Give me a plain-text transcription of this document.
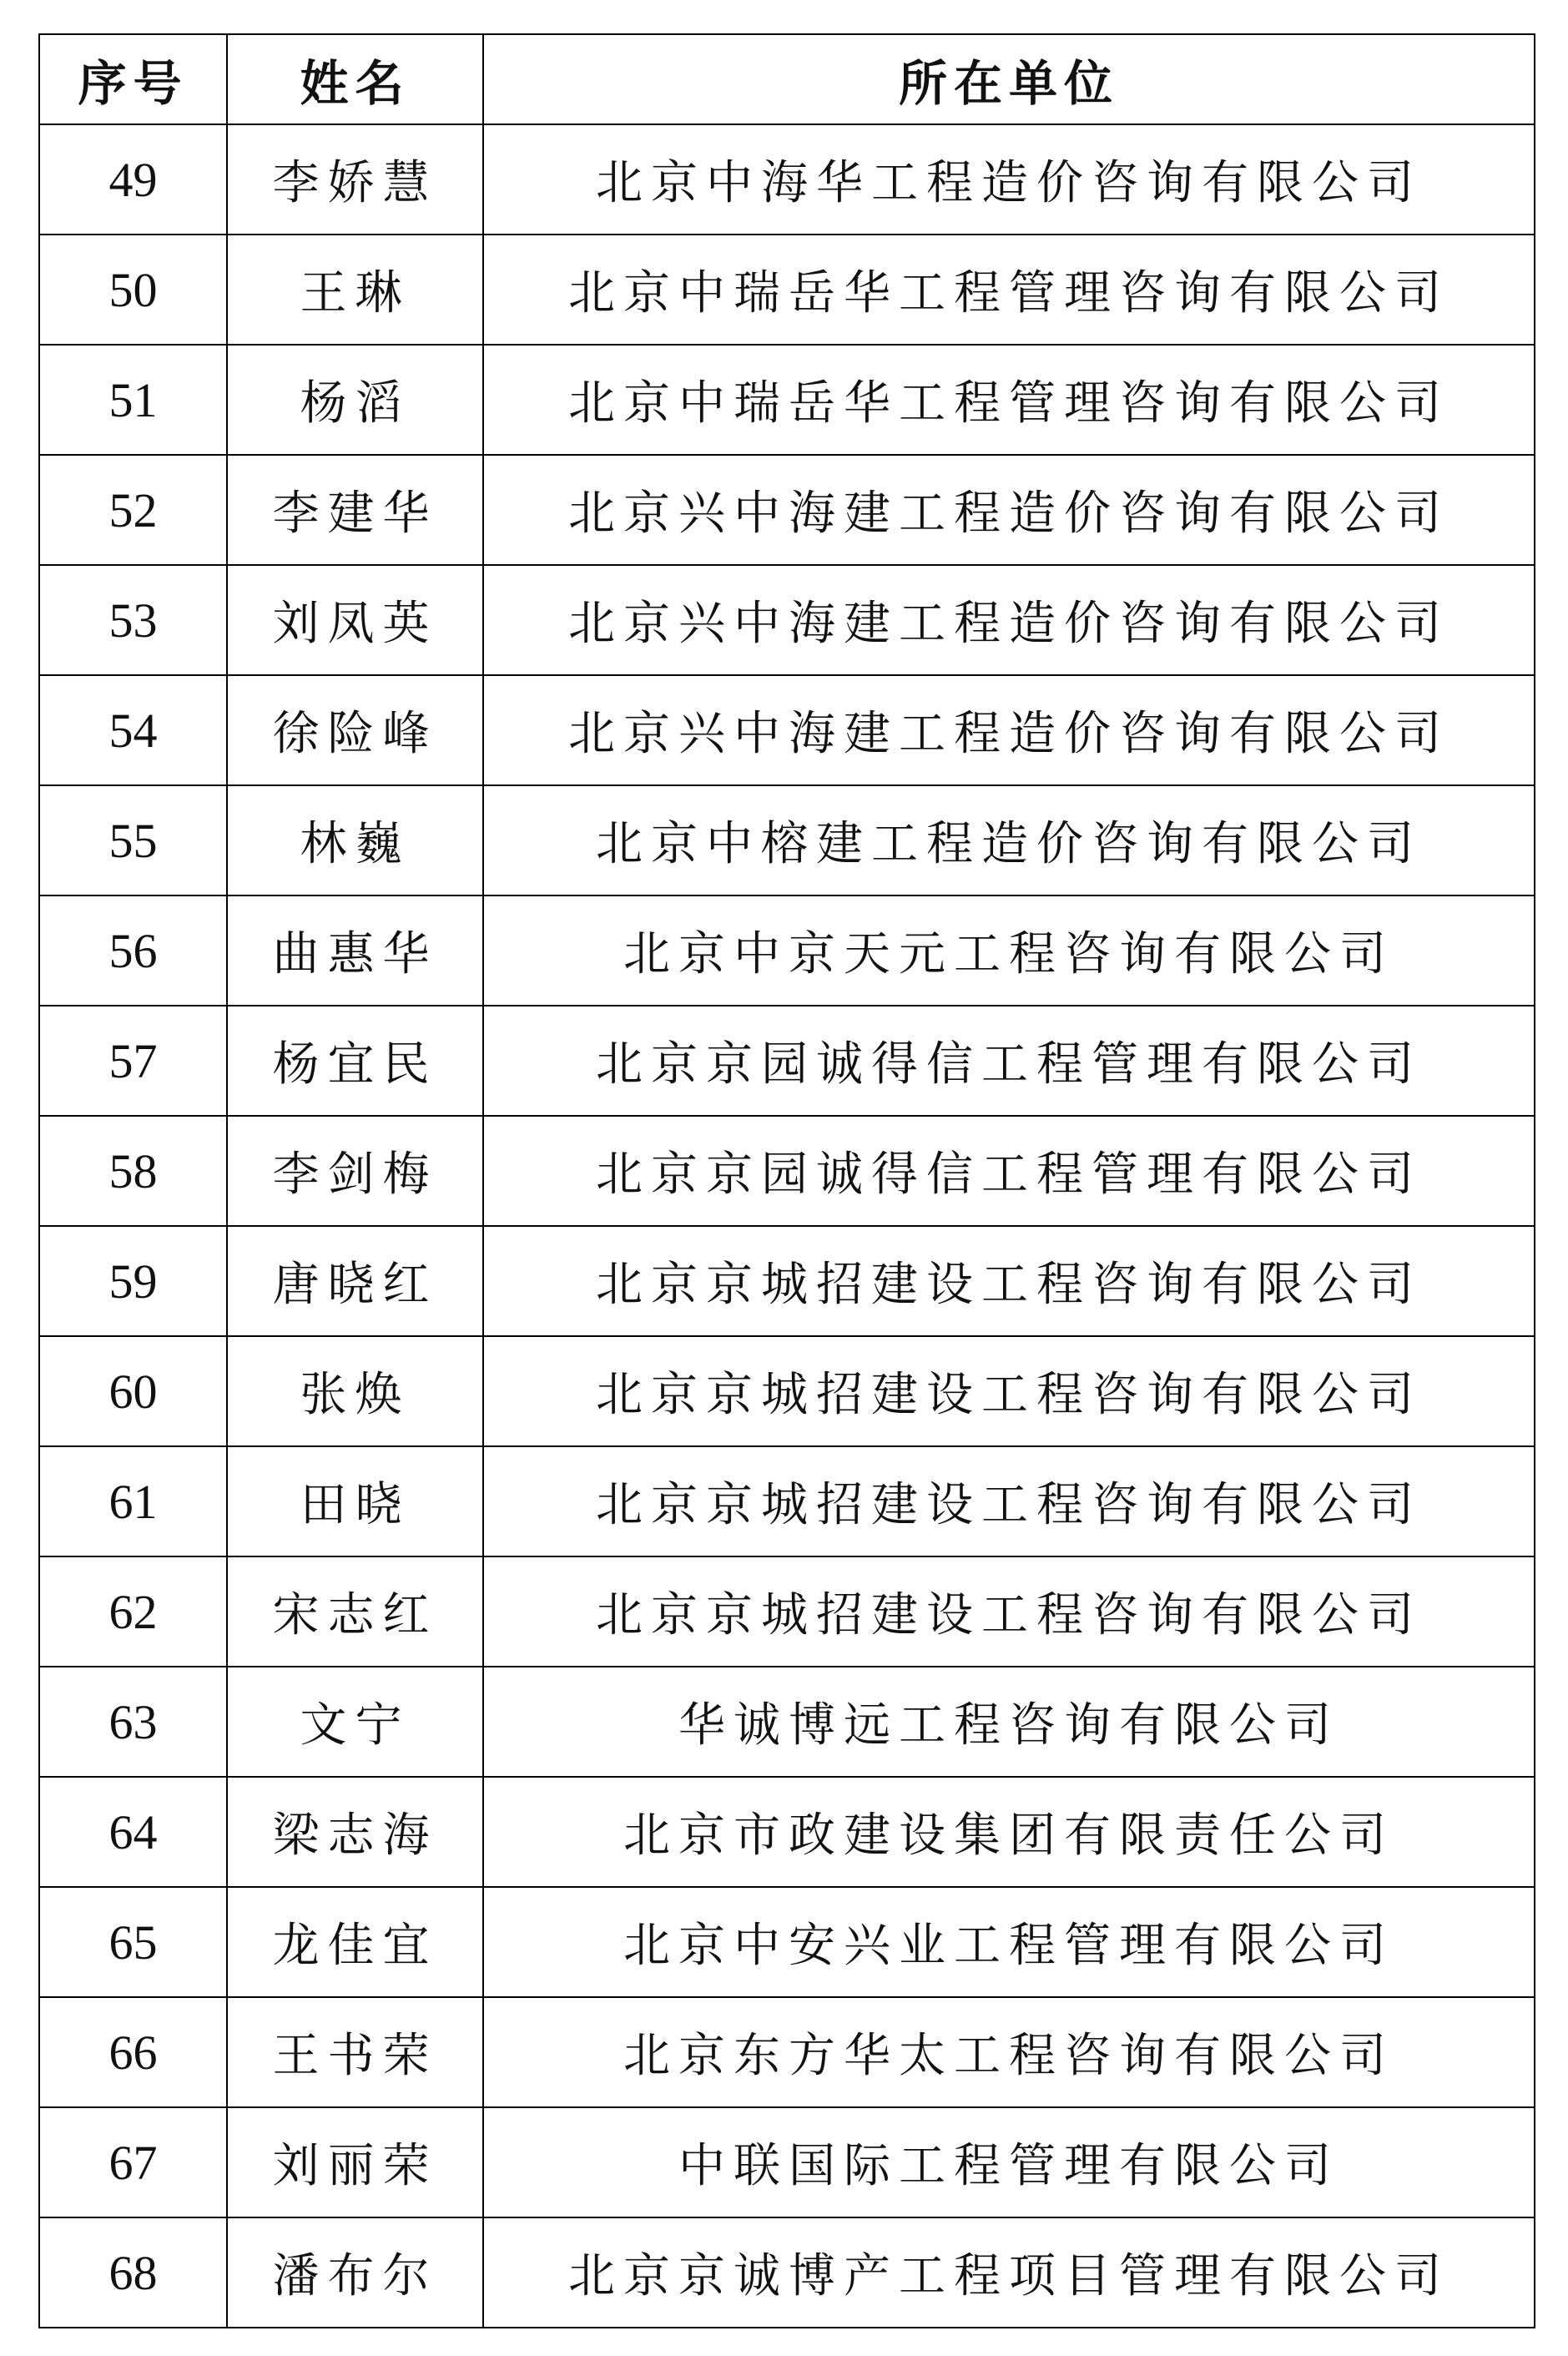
序号	姓名	所在单位
49	李娇慧	北京中海华工程造价咨询有限公司
50	王琳	北京中瑞岳华工程管理咨询有限公司
51	杨滔	北京中瑞岳华工程管理咨询有限公司
52	李建华	北京兴中海建工程造价咨询有限公司
53	刘凤英	北京兴中海建工程造价咨询有限公司
54	徐险峰	北京兴中海建工程造价咨询有限公司
55	林巍	北京中榕建工程造价咨询有限公司
56	曲惠华	北京中京天元工程咨询有限公司
57	杨宜民	北京京园诚得信工程管理有限公司
58	李剑梅	北京京园诚得信工程管理有限公司
59	唐晓红	北京京城招建设工程咨询有限公司
60	张焕	北京京城招建设工程咨询有限公司
61	田晓	北京京城招建设工程咨询有限公司
62	宋志红	北京京城招建设工程咨询有限公司
63	文宁	华诚博远工程咨询有限公司
64	梁志海	北京市政建设集团有限责任公司
65	龙佳宜	北京中安兴业工程管理有限公司
66	王书荣	北京东方华太工程咨询有限公司
67	刘丽荣	中联国际工程管理有限公司
68	潘布尔	北京京诚博产工程项目管理有限公司
